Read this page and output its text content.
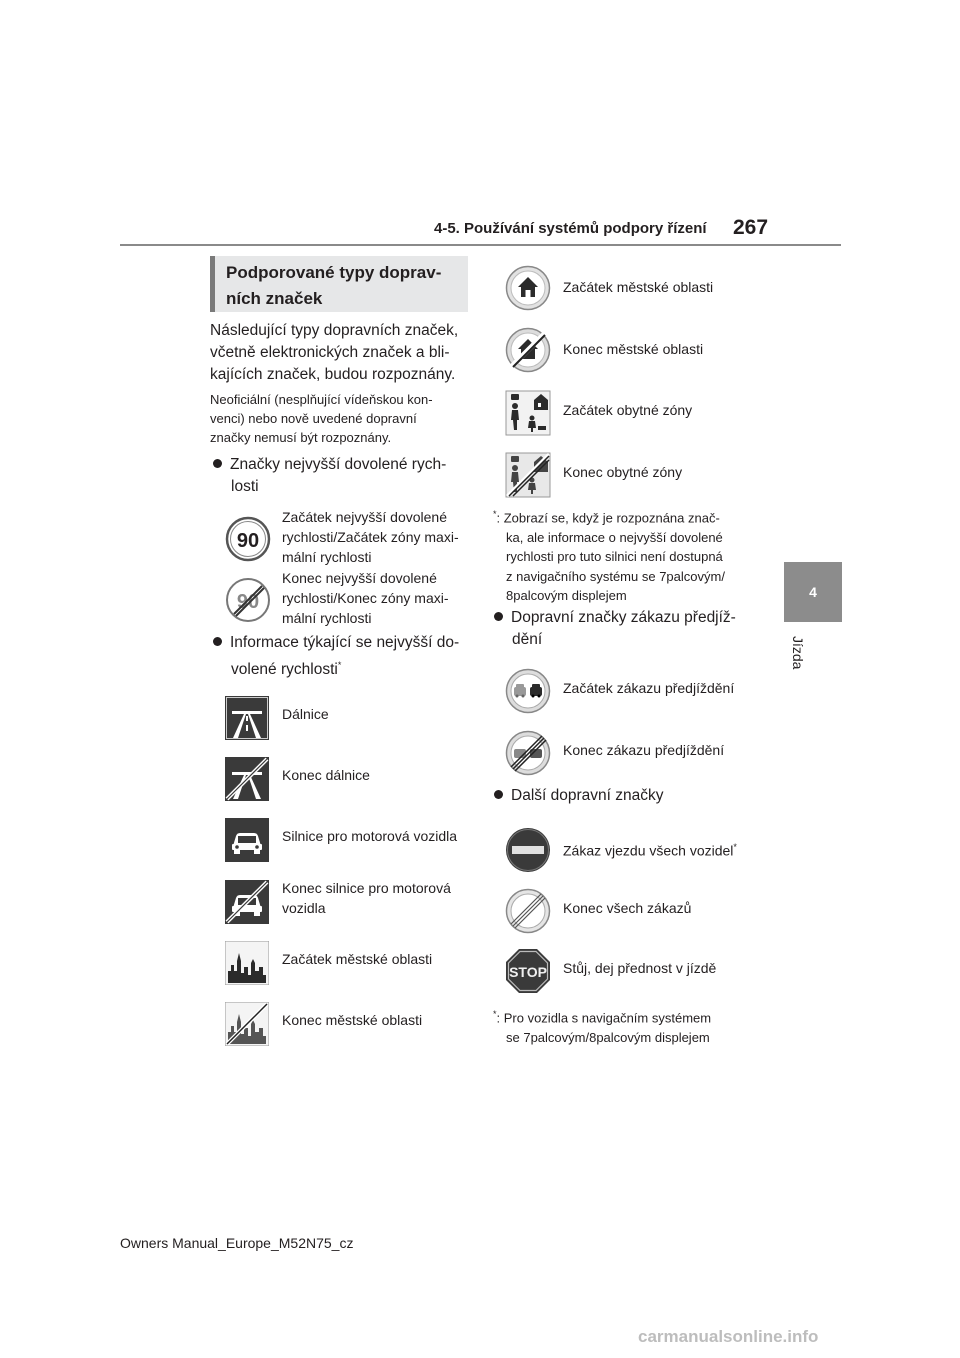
4-5. Používání systémů podpory řízení 267
4
Jízda
Podporované typy doprav-
ních značek
Následující typy dopravních značek,
včetně elektronických značek a bli-
kajících značek, budou rozpoznány.
Neoficiální (nesplňující vídeňskou kon-
venci) nebo nově uvedené dopravní
značky nemusí být rozpoznány.
Značky nejvyšší dovolené rych-
losti
90
Začátek nejvyšší dovolené
rychlosti/Začátek zóny maxi-
mální rychlosti
90
Konec nejvyšší dovolené
rychlosti/Konec zóny maxi-
mální rychlosti
Informace týkající se nejvyšší do-
volené rychlosti*
Dálnice
Konec dálnice
Silnice pro motorová vozidla
Konec silnice pro motorová
vozidla
Začátek městské oblasti
Konec městské oblasti
Začátek městské oblasti
Konec městské oblasti
Začátek obytné zóny
Konec obytné zóny
*: Zobrazí se, když je rozpoznána znač-
ka, ale informace o nejvyšší dovolené
rychlosti pro tuto silnici není dostupná
z navigačního systému se 7palcovým/
8palcovým displejem
Dopravní značky zákazu předjíž-
dění
Začátek zákazu předjíždění
Konec zákazu předjíždění
Další dopravní značky
Zákaz vjezdu všech vozidel*
Konec všech zákazů
STOP Stůj, dej přednost v jízdě
*: Pro vozidla s navigačním systémem
se 7palcovým/8palcovým displejem
Owners Manual_Europe_M52N75_cz
carmanualsonline.info
